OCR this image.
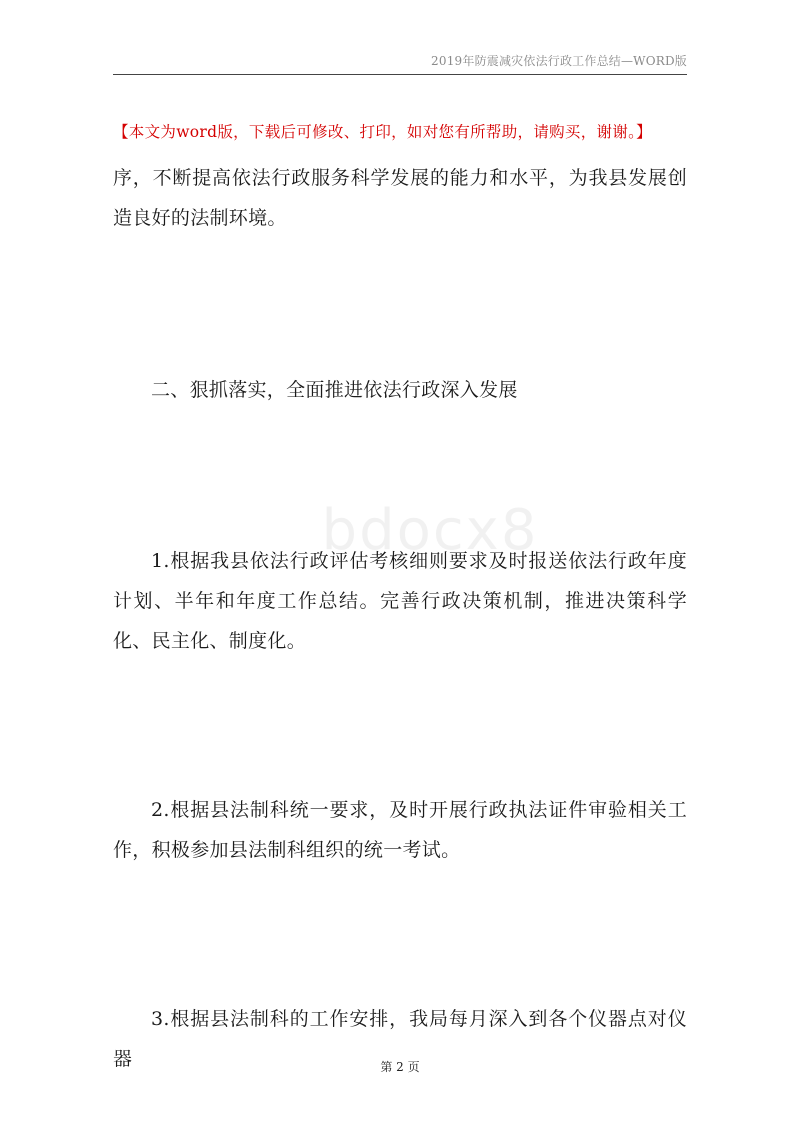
2019年防震减灾依法行政工作总结—WORD版
【本文为word版，下载后可修改、打印，如对您有所帮助，请购买，谢谢。】
bdocx8

序，不断提高依法行政服务科学发展的能力和水平，为我县发展创造良好的法制环境。

二、狠抓落实，全面推进依法行政深入发展

1.根据我县依法行政评估考核细则要求及时报送依法行政年度计划、半年和年度工作总结。完善行政决策机制，推进决策科学化、民主化、制度化。

2.根据县法制科统一要求，及时开展行政执法证件审验相关工作，积极参加县法制科组织的统一考试。

3.根据县法制科的工作安排，我局每月深入到各个仪器点对仪器	第 2 页
